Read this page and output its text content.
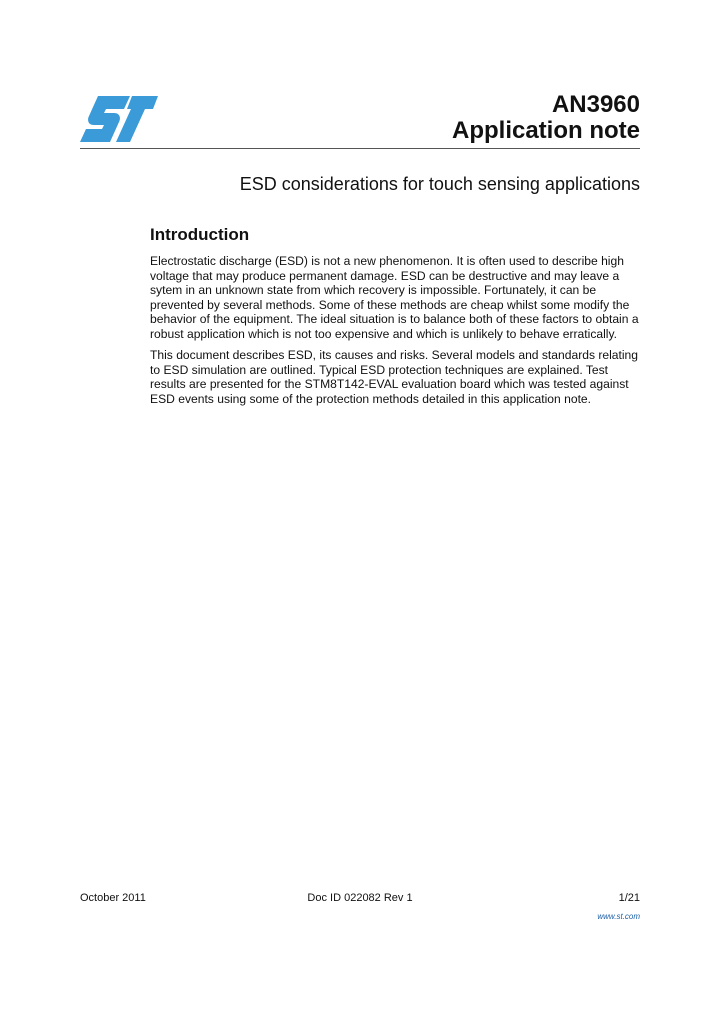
AN3960
Application note
ESD considerations for touch sensing applications
Introduction

Electrostatic discharge (ESD) is not a new phenomenon. It is often used to describe high voltage that may produce permanent damage. ESD can be destructive and may leave a sytem in an unknown state from which recovery is impossible. Fortunately, it can be prevented by several methods. Some of these methods are cheap whilst some modify the behavior of the equipment. The ideal situation is to balance both of these factors to obtain a robust application which is not too expensive and which is unlikely to behave erratically.

This document describes ESD, its causes and risks. Several models and standards relating to ESD simulation are outlined. Typical ESD protection techniques are explained. Test results are presented for the STM8T142-EVAL evaluation board which was tested against ESD events using some of the protection methods detailed in this application note.

October 2011	Doc ID 022082 Rev 1	1/21
www.st.com
